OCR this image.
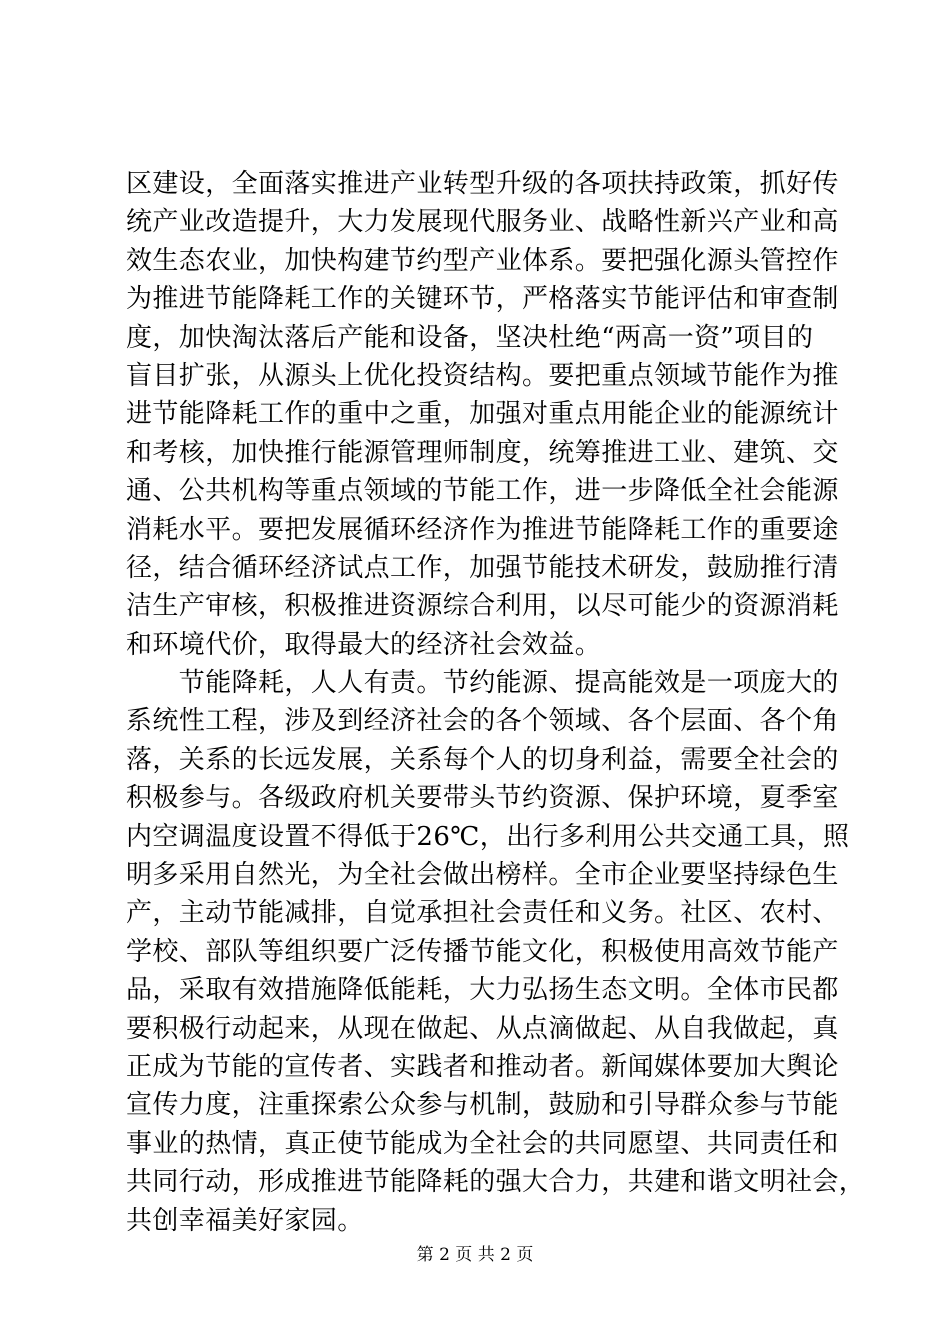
区建设，全面落实推进产业转型升级的各项扶持政策，抓好传
统产业改造提升，大力发展现代服务业、战略性新兴产业和高
效生态农业，加快构建节约型产业体系。要把强化源头管控作
为推进节能降耗工作的关键环节，严格落实节能评估和审查制
度，加快淘汰落后产能和设备，坚决杜绝“两高一资”项目的
盲目扩张，从源头上优化投资结构。要把重点领域节能作为推
进节能降耗工作的重中之重，加强对重点用能企业的能源统计
和考核，加快推行能源管理师制度，统筹推进工业、建筑、交
通、公共机构等重点领域的节能工作，进一步降低全社会能源
消耗水平。要把发展循环经济作为推进节能降耗工作的重要途
径，结合循环经济试点工作，加强节能技术研发，鼓励推行清
洁生产审核，积极推进资源综合利用，以尽可能少的资源消耗
和环境代价，取得最大的经济社会效益。
　　节能降耗，人人有责。节约能源、提高能效是一项庞大的
系统性工程，涉及到经济社会的各个领域、各个层面、各个角
落，关系的长远发展，关系每个人的切身利益，需要全社会的
积极参与。各级政府机关要带头节约资源、保护环境，夏季室
内空调温度设置不得低于26℃，出行多利用公共交通工具，照
明多采用自然光，为全社会做出榜样。全市企业要坚持绿色生
产，主动节能减排，自觉承担社会责任和义务。社区、农村、
学校、部队等组织要广泛传播节能文化，积极使用高效节能产
品，采取有效措施降低能耗，大力弘扬生态文明。全体市民都
要积极行动起来，从现在做起、从点滴做起、从自我做起，真
正成为节能的宣传者、实践者和推动者。新闻媒体要加大舆论
宣传力度，注重探索公众参与机制，鼓励和引导群众参与节能
事业的热情，真正使节能成为全社会的共同愿望、共同责任和
共同行动，形成推进节能降耗的强大合力，共建和谐文明社会，
共创幸福美好家园。
第 2 页 共 2 页
